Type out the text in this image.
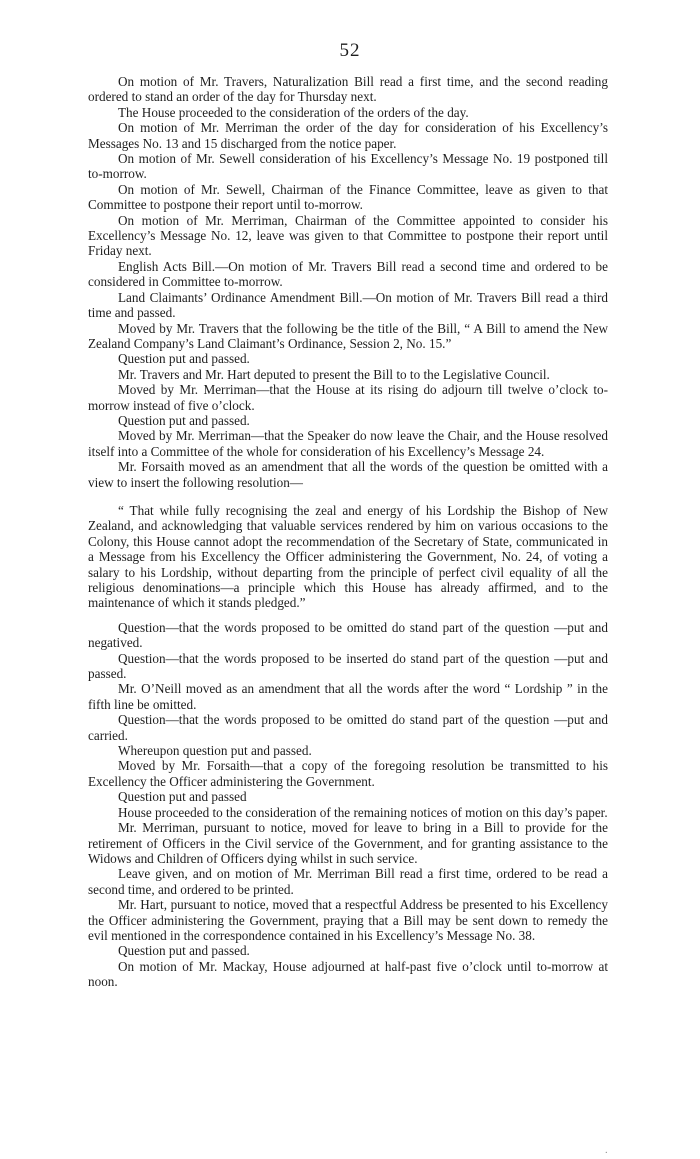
52

On motion of Mr. Travers, Naturalization Bill read a first time, and the second reading ordered to stand an order of the day for Thursday next.

The House proceeded to the consideration of the orders of the day.

On motion of Mr. Merriman the order of the day for consideration of his Excellency’s Messages No. 13 and 15 discharged from the notice paper.

On motion of Mr. Sewell consideration of his Excellency’s Message No. 19 postponed till to-morrow.

On motion of Mr. Sewell, Chairman of the Finance Committee, leave as given to that Committee to postpone their report until to-morrow.

On motion of Mr. Merriman, Chairman of the Committee appointed to consider his Excellency’s Message No. 12, leave was given to that Committee to postpone their report until Friday next.

English Acts Bill.—On motion of Mr. Travers Bill read a second time and ordered to be considered in Committee to-morrow.

Land Claimants’ Ordinance Amendment Bill.—On motion of Mr. Travers Bill read a third time and passed.

Moved by Mr. Travers that the following be the title of the Bill, “ A Bill to amend the New Zealand Company’s Land Claimant’s Ordinance, Session 2, No. 15.”

Question put and passed.

Mr. Travers and Mr. Hart deputed to present the Bill to to the Legislative Council.

Moved by Mr. Merriman—that the House at its rising do adjourn till twelve o’clock to-morrow instead of five o’clock.

Question put and passed.

Moved by Mr. Merriman—that the Speaker do now leave the Chair, and the House resolved itself into a Committee of the whole for consideration of his Excellency’s Message 24.

Mr. Forsaith moved as an amendment that all the words of the question be omitted with a view to insert the following resolution—

“ That while fully recognising the zeal and energy of his Lordship the Bishop of New Zealand, and acknowledging that valuable services rendered by him on various occasions to the Colony, this House cannot adopt the recommendation of the Secretary of State, communicated in a Message from his Excellency the Officer administering the Government, No. 24, of voting a salary to his Lordship, without departing from the principle of perfect civil equality of all the religious denominations—a principle which this House has already affirmed, and to the maintenance of which it stands pledged.”

Question—that the words proposed to be omitted do stand part of the question —put and negatived.

Question—that the words proposed to be inserted do stand part of the question —put and passed.

Mr. O’Neill moved as an amendment that all the words after the word “ Lordship ” in the fifth line be omitted.

Question—that the words proposed to be omitted do stand part of the question —put and carried.

Whereupon question put and passed.

Moved by Mr. Forsaith—that a copy of the foregoing resolution be transmitted to his Excellency the Officer administering the Government.

Question put and passed

House proceeded to the consideration of the remaining notices of motion on this day’s paper.

Mr. Merriman, pursuant to notice, moved for leave to bring in a Bill to provide for the retirement of Officers in the Civil service of the Government, and for granting assistance to the Widows and Children of Officers dying whilst in such service.

Leave given, and on motion of Mr. Merriman Bill read a first time, ordered to be read a second time, and ordered to be printed.

Mr. Hart, pursuant to notice, moved that a respectful Address be presented to his Excellency the Officer administering the Government, praying that a Bill may be sent down to remedy the evil mentioned in the correspondence contained in his Excellency’s Message No. 38.

Question put and passed.

On motion of Mr. Mackay, House adjourned at half-past five o’clock until to-morrow at noon.

·
